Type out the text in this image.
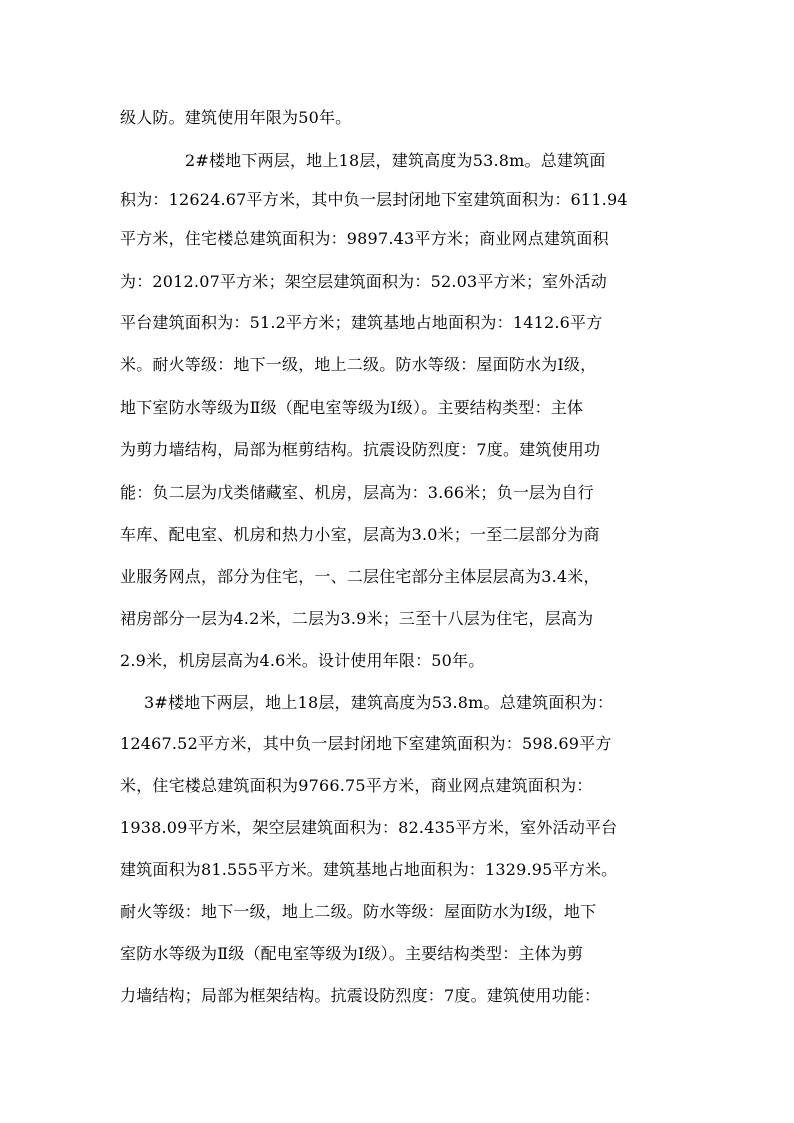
级人防。建筑使用年限为50年。
2#楼地下两层，地上18层，建筑高度为53.8m。总建筑面
积为：12624.67平方米，其中负一层封闭地下室建筑面积为：611.94
平方米，住宅楼总建筑面积为：9897.43平方米；商业网点建筑面积
为：2012.07平方米；架空层建筑面积为：52.03平方米；室外活动
平台建筑面积为：51.2平方米；建筑基地占地面积为：1412.6平方
米。耐火等级：地下一级，地上二级。防水等级：屋面防水为Ⅰ级，
地下室防水等级为Ⅱ级（配电室等级为Ⅰ级）。主要结构类型：主体
为剪力墙结构，局部为框剪结构。抗震设防烈度：7度。建筑使用功
能：负二层为戊类储藏室、机房，层高为：3.66米；负一层为自行
车库、配电室、机房和热力小室，层高为3.0米；一至二层部分为商
业服务网点，部分为住宅，一、二层住宅部分主体层层高为3.4米，
裙房部分一层为4.2米，二层为3.9米；三至十八层为住宅，层高为
2.9米，机房层高为4.6米。设计使用年限：50年。
3#楼地下两层，地上18层，建筑高度为53.8m。总建筑面积为：
12467.52平方米，其中负一层封闭地下室建筑面积为：598.69平方
米，住宅楼总建筑面积为9766.75平方米，商业网点建筑面积为：
1938.09平方米，架空层建筑面积为：82.435平方米，室外活动平台
建筑面积为81.555平方米。建筑基地占地面积为：1329.95平方米。
耐火等级：地下一级，地上二级。防水等级：屋面防水为Ⅰ级，地下
室防水等级为Ⅱ级（配电室等级为Ⅰ级）。主要结构类型：主体为剪
力墙结构；局部为框架结构。抗震设防烈度：7度。建筑使用功能：
